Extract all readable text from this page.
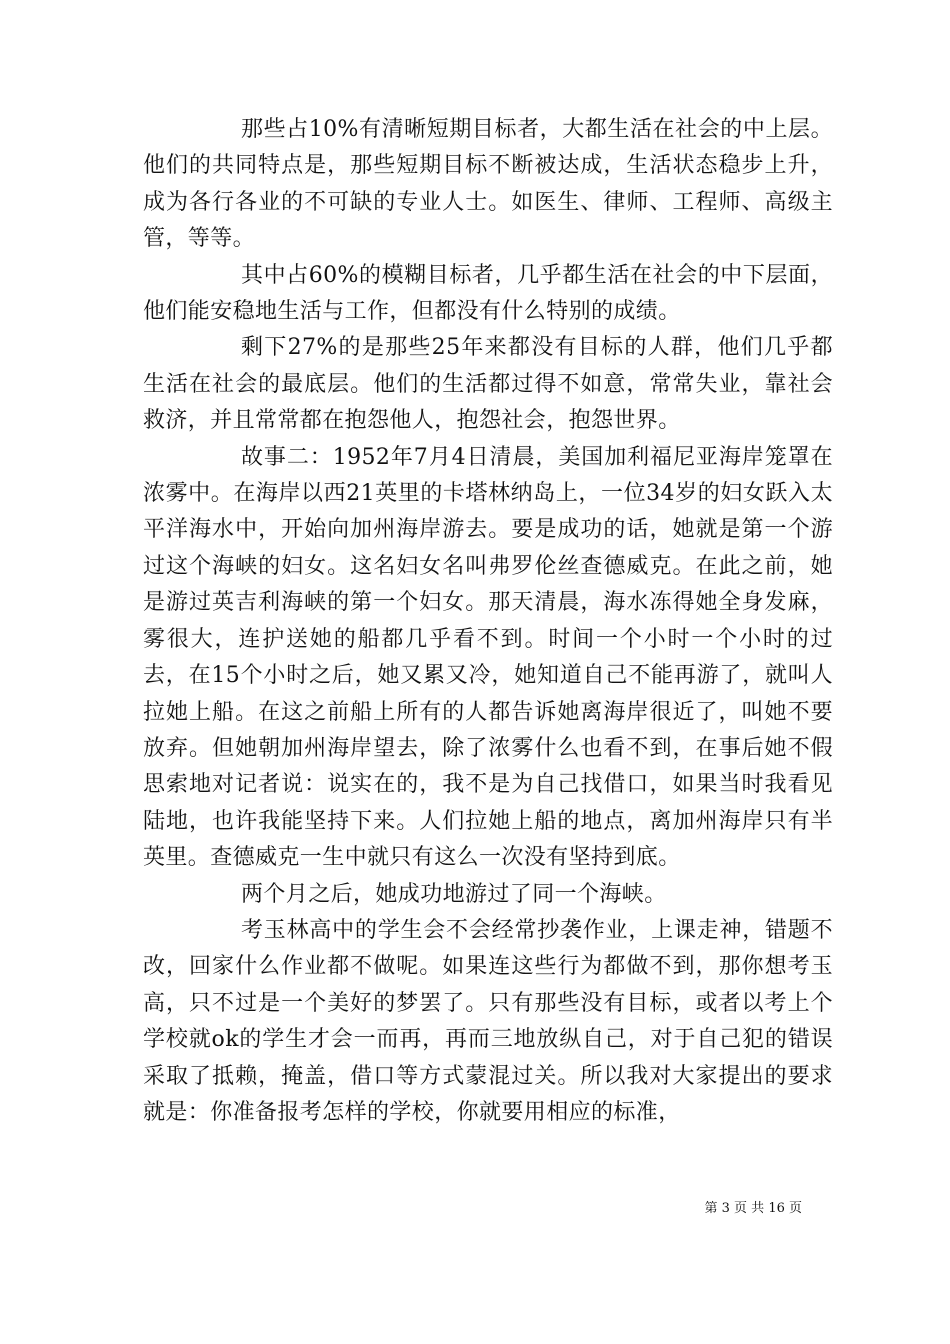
那些占10%有清晰短期目标者，大都生活在社会的中上层。他们的共同特点是，那些短期目标不断被达成，生活状态稳步上升，成为各行各业的不可缺的专业人士。如医生、律师、工程师、高级主管，等等。

其中占60%的模糊目标者，几乎都生活在社会的中下层面，他们能安稳地生活与工作，但都没有什么特别的成绩。

剩下27%的是那些25年来都没有目标的人群，他们几乎都生活在社会的最底层。他们的生活都过得不如意，常常失业，靠社会救济，并且常常都在抱怨他人，抱怨社会，抱怨世界。

故事二：1952年7月4日清晨，美国加利福尼亚海岸笼罩在浓雾中。在海岸以西21英里的卡塔林纳岛上，一位34岁的妇女跃入太平洋海水中，开始向加州海岸游去。要是成功的话，她就是第一个游过这个海峡的妇女。这名妇女名叫弗罗伦丝查德威克。在此之前，她是游过英吉利海峡的第一个妇女。那天清晨，海水冻得她全身发麻，雾很大，连护送她的船都几乎看不到。时间一个小时一个小时的过去，在15个小时之后，她又累又冷，她知道自己不能再游了，就叫人拉她上船。在这之前船上所有的人都告诉她离海岸很近了，叫她不要放弃。但她朝加州海岸望去，除了浓雾什么也看不到，在事后她不假思索地对记者说：说实在的，我不是为自己找借口，如果当时我看见陆地，也许我能坚持下来。人们拉她上船的地点，离加州海岸只有半英里。查德威克一生中就只有这么一次没有坚持到底。

两个月之后，她成功地游过了同一个海峡。

考玉林高中的学生会不会经常抄袭作业，上课走神，错题不改，回家什么作业都不做呢。如果连这些行为都做不到，那你想考玉高，只不过是一个美好的梦罢了。只有那些没有目标，或者以考上个学校就ok的学生才会一而再，再而三地放纵自己，对于自己犯的错误采取了抵赖，掩盖，借口等方式蒙混过关。所以我对大家提出的要求就是：你准备报考怎样的学校，你就要用相应的标准，

第 3 页 共 16 页
